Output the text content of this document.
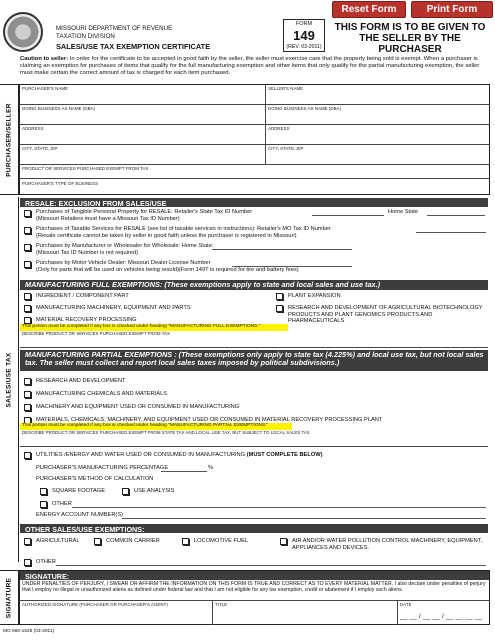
Reset Form	Print Form
MISSOURI DEPARTMENT OF REVENUE
TAXATION DIVISION
SALES/USE TAX EXEMPTION CERTIFICATE
FORM
149
(REV. 03-2011)
THIS FORM IS TO BE GIVEN TO THE SELLER BY THE PURCHASER
Caution to seller: In order for the certificate to be accepted in good faith by the seller, the seller must exercise care that the property being sold is exempt. When a purchaser is claiming an exemption for purchases of items that qualify for the full manufacturing exemption and other items that only qualify for the partial manufacturing exemption, the seller must make certain the correct amount of tax is charged for each item purchased.
PURCHASER/SELLER
PURCHASER'S NAME	SELLER'S NAME
DOING BUSINESS AS NAME (DBA)	DOING BUSINESS AS NAME (DBA)
ADDRESS	ADDRESS
CITY, STATE, ZIP	CITY, STATE, ZIP
PRODUCT OR SERVICES PURCHASED EXEMPT FROM TAX
PURCHASER'S TYPE OF BUSINESS
SALES/USE TAX
RESALE: EXCLUSION FROM SALES/USE
Purchases of Tangible Personal Property for RESALE: Retailer's State Tax ID Number	Home State
(Missouri Retailers must have a Missouri Tax ID Number)
Purchases of Taxable Services for RESALE (see list of taxable services in instructions): Retailer's MO Tax ID Number
(Resale certificate cannot be taken by seller in good faith unless the purchaser is registered in Missouri)
Purchases by Manufacturer or Wholesaler for Wholesale: Home State:
(Missouri Tax ID Number is not required)
Purchases by Motor Vehicle Dealer: Missouri Dealer License Number
(Only for parts that will be used on vehicles being resold)(Form 149T is required for tire and battery fees)
MANUFACTURING FULL EXEMPTIONS: (These exemptions apply to state and local sales and use tax.)
INGREDIENT / COMPONENT PART
MANUFACTURING MACHINERY, EQUIPMENT AND PARTS
MATERIAL RECOVERY PROCESSING
PLANT EXPANSION
RESEARCH AND DEVELOPMENT OF AGRICULTURAL BIOTECHNOLOGY PRODUCTS AND PLANT GENOMICS PRODUCTS AND PHARMACEUTICALS
This portion must be completed if any box is checked under heading "MANUFACTURING FULL EXEMPTIONS."
DESCRIBE PRODUCT OR SERVICES PURCHASED EXEMPT FROM TAX
MANUFACTURING PARTIAL EXEMPTIONS : (These exemptions only apply to state tax (4.225%) and local use tax, but not local sales tax. The seller must collect and report local sales taxes imposed by political subdivisions.)
RESEARCH AND DEVELOPMENT
MANUFACTURING CHEMICALS AND MATERIALS
MACHINERY AND EQUIPMENT USED OR CONSUMED IN MANUFACTURING
MATERIALS, CHEMICALS, MACHINERY, AND EQUIPMENT USED OR CONSUMED IN MATERIAL RECOVERY PROCESSING PLANT
This portion must be completed if any box is checked under heading "MANUFACTURING PARTIAL EXEMPTIONS."
DESCRIBE PRODUCT OR SERVICES PURCHASED EXEMPT FROM STATE TAX AND LOCAL USE TAX, BUT SUBJECT TO LOCAL SALES TAX
UTILITIES /ENERGY AND WATER USED OR CONSUMED IN MANUFACTURING (MUST COMPLETE BELOW)
PURCHASER'S MANUFACTURING PERCENTAGE	%
PURCHASER'S METHOD OF CALCULATION
SQUARE FOOTAGE	USE ANALYSIS
OTHER
ENERGY ACCOUNT NUMBER(S)
OTHER SALES/USE EXEMPTIONS:
AGRICULTURAL	COMMON CARRIER	LOCOMOTIVE FUEL	AIR AND/OR WATER POLLUTION CONTROL MACHINERY, EQUIPMENT, APPLIANCES AND DEVICES.
OTHER
SIGNATURE
SIGNATURE:
UNDER PENALTIES OF PERJURY, I SWEAR OR AFFIRM THE INFORMATION ON THIS FORM IS TRUE AND CORRECT AS TO EVERY MATERIAL MATTER. I also declare under penalties of perjury that I employ no illegal or unauthorized aliens as defined under federal law and that I am not eligible for any tax exemption, credit or abatement if I employ such aliens.
AUTHORIZED SIGNATURE (PURCHASER OR PURCHASER'S AGENT)	TITLE	DATE
__ __ / __ __ / __ __ __ __
MO 860-1528 (03-2011)
